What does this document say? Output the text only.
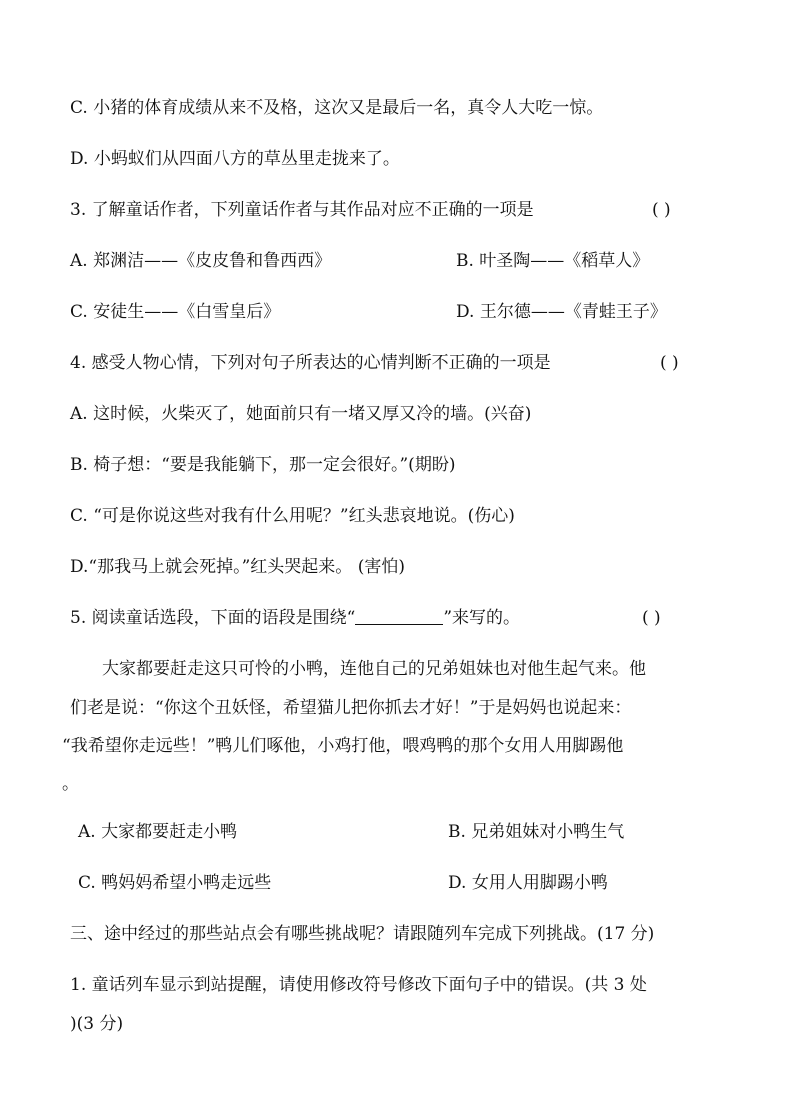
C. 小猪的体育成绩从来不及格，这次又是最后一名，真令人大吃一惊。
D. 小蚂蚁们从四面八方的草丛里走拢来了。
3. 了解童话作者，下列童话作者与其作品对应不正确的一项是	( )
A. 郑渊洁——《皮皮鲁和鲁西西》	B. 叶圣陶——《稻草人》
C. 安徒生——《白雪皇后》	D. 王尔德——《青蛙王子》
4. 感受人物心情，下列对句子所表达的心情判断不正确的一项是	( )
A. 这时候，火柴灭了，她面前只有一堵又厚又冷的墙。(兴奋)
B. 椅子想：“要是我能躺下，那一定会很好。”(期盼)
C. “可是你说这些对我有什么用呢？”红头悲哀地说。(伤心)
D.“那我马上就会死掉。”红头哭起来。 (害怕)
5. 阅读童话选段，下面的语段是围绕“	”来写的。	( )
大家都要赶走这只可怜的小鸭，连他自己的兄弟姐妹也对他生起气来。他
们老是说：“你这个丑妖怪，希望猫儿把你抓去才好！”于是妈妈也说起来：
“我希望你走远些！”鸭儿们啄他，小鸡打他，喂鸡鸭的那个女用人用脚踢他
。
A. 大家都要赶走小鸭	B. 兄弟姐妹对小鸭生气
C. 鸭妈妈希望小鸭走远些	D. 女用人用脚踢小鸭
三、途中经过的那些站点会有哪些挑战呢？请跟随列车完成下列挑战。(17 分)
1. 童话列车显示到站提醒，请使用修改符号修改下面句子中的错误。(共 3 处
)(3 分)
